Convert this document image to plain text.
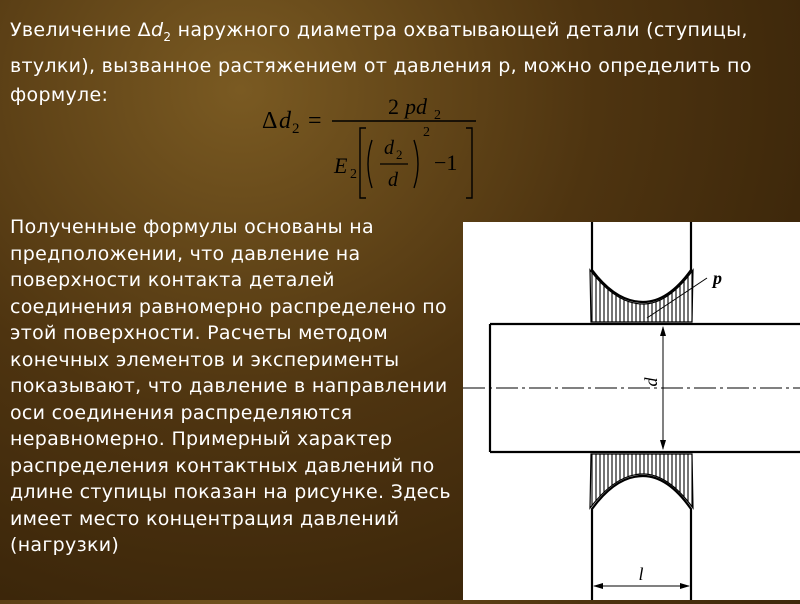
Увеличение $\Delta d_2$ наружного диаметра охватывающей детали (ступицы, втулки), вызванное растяжением от давления p, можно определить по формуле:
Δ d 2 =
2 pd 2
E 2
d 2
d
2
−1
Полученные формулы основаны на предположении, что давление на поверхности контакта деталей соединения равномерно распределено по этой поверхности. Расчеты методом конечных элементов и эксперименты показывают, что давление в направлении оси соединения распределяются неравномерно. Примерный характер распределения контактных давлений по длине ступицы показан на рисунке. Здесь имеет место концентрация давлений (нагрузки)
d
p
l
